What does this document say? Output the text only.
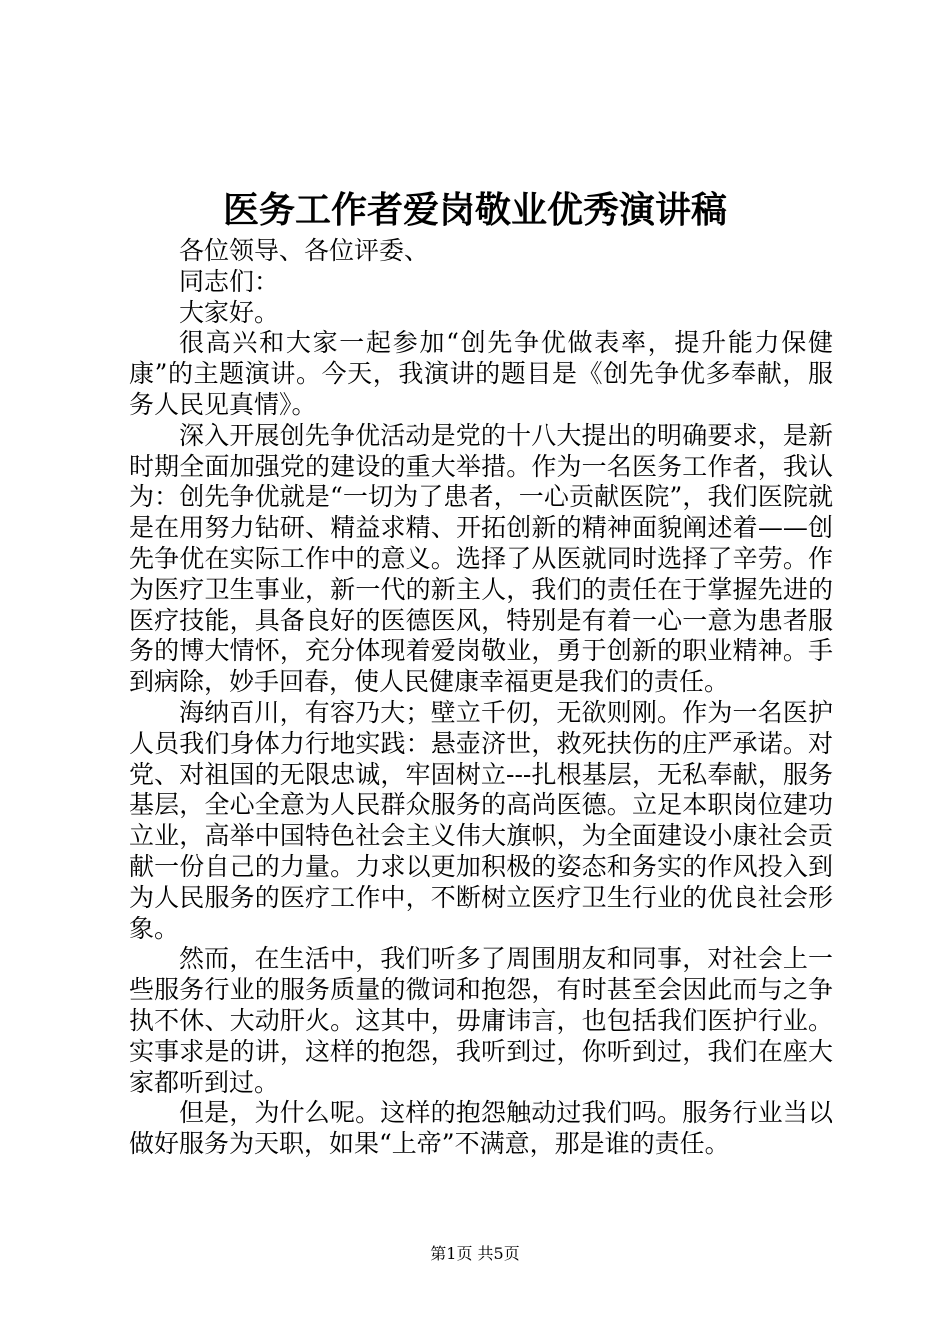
医务工作者爱岗敬业优秀演讲稿

各位领导、各位评委、

同志们：

大家好。

很高兴和大家一起参加“创先争优做表率，提升能力保健康”的主题演讲。今天，我演讲的题目是《创先争优多奉献，服务人民见真情》。

深入开展创先争优活动是党的十八大提出的明确要求，是新时期全面加强党的建设的重大举措。作为一名医务工作者，我认为：创先争优就是“一切为了患者，一心贡献医院”，我们医院就是在用努力钻研、精益求精、开拓创新的精神面貌阐述着——创先争优在实际工作中的意义。选择了从医就同时选择了辛劳。作为医疗卫生事业，新一代的新主人，我们的责任在于掌握先进的医疗技能，具备良好的医德医风，特别是有着一心一意为患者服务的博大情怀，充分体现着爱岗敬业，勇于创新的职业精神。手到病除，妙手回春，使人民健康幸福更是我们的责任。

海纳百川，有容乃大；壁立千仞，无欲则刚。作为一名医护人员我们身体力行地实践：悬壶济世，救死扶伤的庄严承诺。对党、对祖国的无限忠诚，牢固树立---扎根基层，无私奉献，服务基层，全心全意为人民群众服务的高尚医德。立足本职岗位建功立业，高举中国特色社会主义伟大旗帜，为全面建设小康社会贡献一份自己的力量。力求以更加积极的姿态和务实的作风投入到为人民服务的医疗工作中，不断树立医疗卫生行业的优良社会形象。

然而，在生活中，我们听多了周围朋友和同事，对社会上一些服务行业的服务质量的微词和抱怨，有时甚至会因此而与之争执不休、大动肝火。这其中，毋庸讳言，也包括我们医护行业。实事求是的讲，这样的抱怨，我听到过，你听到过，我们在座大家都听到过。

但是，为什么呢。这样的抱怨触动过我们吗。服务行业当以做好服务为天职，如果“上帝”不满意，那是谁的责任。

第1页 共5页
